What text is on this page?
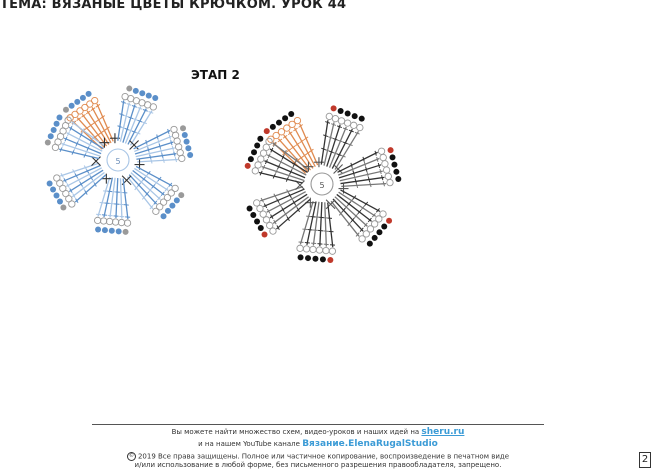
ТЕМА: ВЯЗАНЫЕ ЦВЕТЫ КРЮЧКОМ. УРОК 44
ЭТАП 2
5
5
Вы можете найти множество схем, видео-уроков и наших идей на sheru.ru
и на нашем YouTube канале Вязание.ElenaRugalStudio
© 2019 Все права защищены. Полное или частичное копирование, воспроизведение в печатном виде
и/или использование в любой форме, без письменного разрешения правообладателя, запрещено.	2
